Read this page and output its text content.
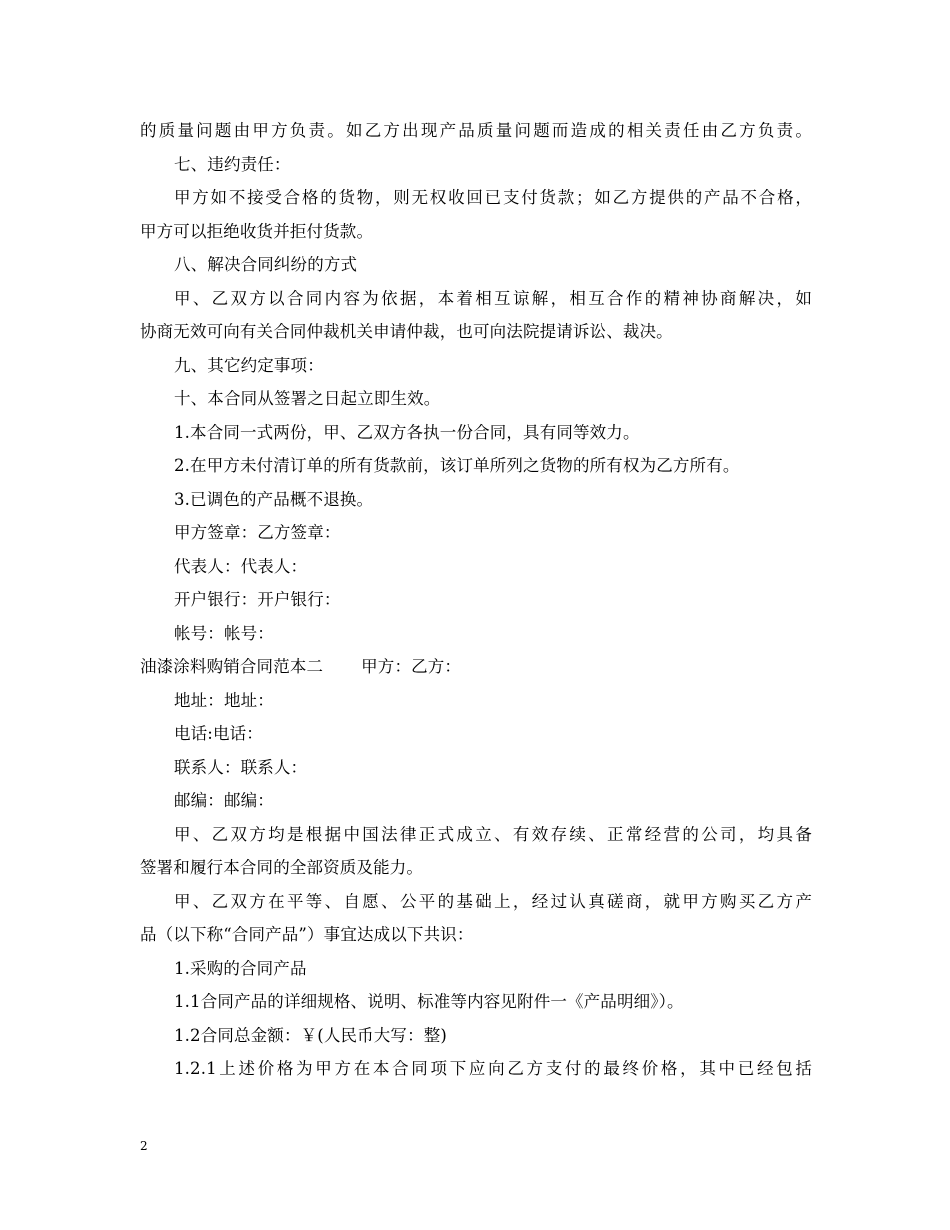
的质量问题由甲方负责。如乙方出现产品质量问题而造成的相关责任由乙方负责。
七、违约责任：
甲方如不接受合格的货物，则无权收回已支付货款；如乙方提供的产品不合格，
甲方可以拒绝收货并拒付货款。
八、解决合同纠纷的方式
甲、乙双方以合同内容为依据，本着相互谅解，相互合作的精神协商解决，如
协商无效可向有关合同仲裁机关申请仲裁，也可向法院提请诉讼、裁决。
九、其它约定事项：
十、本合同从签署之日起立即生效。
1.本合同一式两份，甲、乙双方各执一份合同，具有同等效力。
2.在甲方未付清订单的所有货款前，该订单所列之货物的所有权为乙方所有。
3.已调色的产品概不退换。
甲方签章：乙方签章：
代表人：代表人：
开户银行：开户银行：
帐号：帐号：
油漆涂料购销合同范本二 甲方：乙方：
地址：地址：
电话:电话：
联系人：联系人：
邮编：邮编：
甲、乙双方均是根据中国法律正式成立、有效存续、正常经营的公司，均具备
签署和履行本合同的全部资质及能力。
甲、乙双方在平等、自愿、公平的基础上，经过认真磋商，就甲方购买乙方产
品（以下称“合同产品”）事宜达成以下共识：
1.采购的合同产品
1.1合同产品的详细规格、说明、标准等内容见附件一《产品明细》）。
1.2合同总金额：￥(人民币大写：整)
1.2.1上述价格为甲方在本合同项下应向乙方支付的最终价格，其中已经包括
2
